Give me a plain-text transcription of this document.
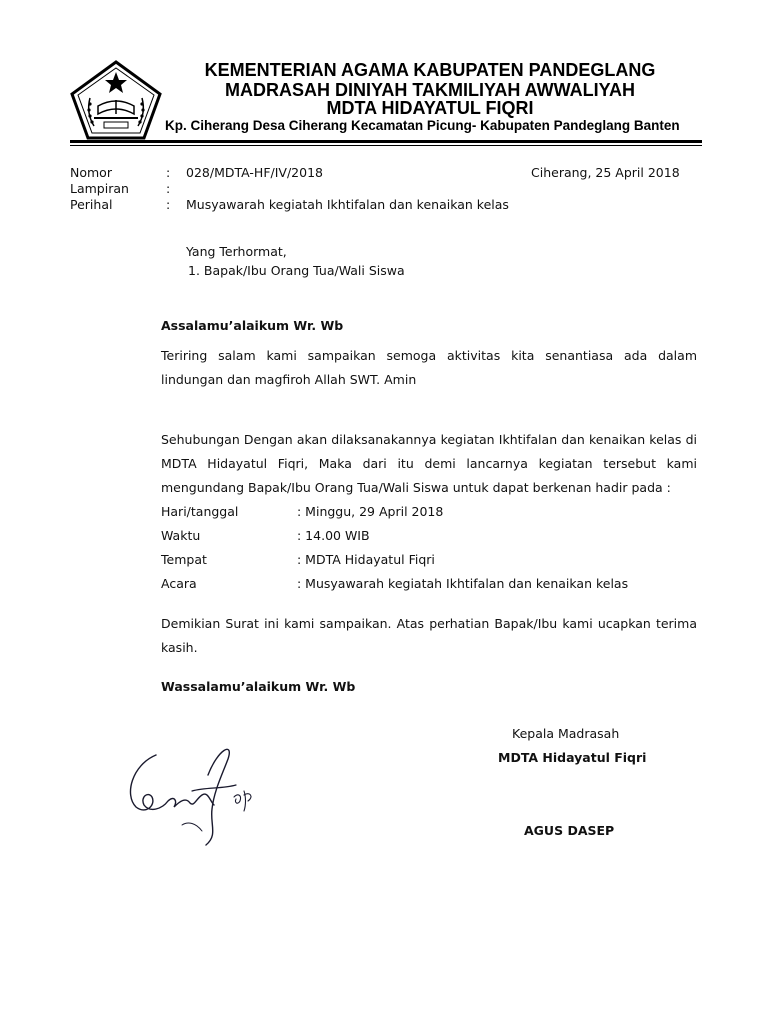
KEMENTERIAN AGAMA KABUPATEN PANDEGLANG
MADRASAH DINIYAH TAKMILIYAH AWWALIYAH
MDTA HIDAYATUL FIQRI
Kp. Ciherang Desa Ciherang Kecamatan Picung- Kabupaten Pandeglang Banten
Nomor	: 028/MDTA-HF/IV/2018	Ciherang, 25 April 2018
Lampiran	:
Perihal	: Musyawarah kegiatah Ikhtifalan dan kenaikan kelas
Yang Terhormat,
1. Bapak/Ibu Orang Tua/Wali Siswa
Assalamu’alaikum Wr. Wb
Teriring salam kami sampaikan semoga aktivitas kita senantiasa ada dalam lindungan dan magfiroh Allah SWT. Amin
Sehubungan Dengan akan dilaksanakannya kegiatan Ikhtifalan dan kenaikan kelas di MDTA Hidayatul Fiqri, Maka dari itu demi lancarnya kegiatan tersebut kami mengundang Bapak/Ibu Orang Tua/Wali Siswa untuk dapat berkenan hadir pada :
Hari/tanggal	: Minggu, 29 April 2018
Waktu	: 14.00 WIB
Tempat	: MDTA Hidayatul Fiqri
Acara	: Musyawarah kegiatah Ikhtifalan dan kenaikan kelas
Demikian Surat ini kami sampaikan. Atas perhatian Bapak/Ibu kami ucapkan terima kasih.
Wassalamu’alaikum Wr. Wb
Kepala Madrasah
MDTA Hidayatul Fiqri
AGUS DASEP
